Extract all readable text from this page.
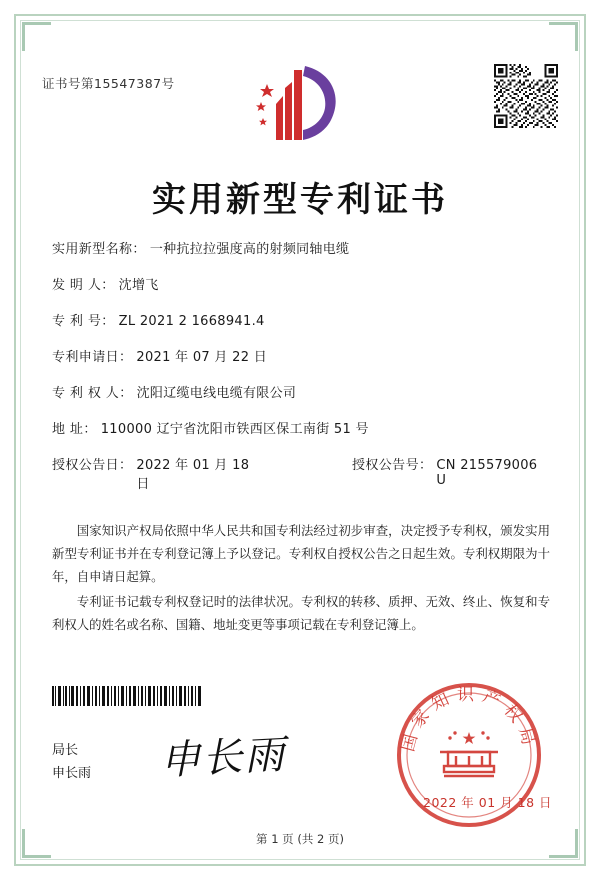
证书号第15547387号
实用新型专利证书
实用新型名称： 一种抗拉拉强度高的射频同轴电缆
发 明 人： 沈增飞
专 利 号： ZL 2021 2 1668941.4
专利申请日： 2021 年 07 月 22 日
专 利 权 人： 沈阳辽缆电线电缆有限公司
地 址： 110000 辽宁省沈阳市铁西区保工南街 51 号
授权公告日： 2022 年 01 月 18 日
授权公告号： CN 215579006 U

国家知识产权局依照中华人民共和国专利法经过初步审查，决定授予专利权，颁发实用新型专利证书并在专利登记簿上予以登记。专利权自授权公告之日起生效。专利权期限为十年，自申请日起算。

专利证书记载专利权登记时的法律状况。专利权的转移、质押、无效、终止、恢复和专利权人的姓名或名称、国籍、地址变更等事项记载在专利登记簿上。

局长
申长雨 申长雨	国家知识产权局
2022 年 01 月 18 日
第 1 页 (共 2 页)
